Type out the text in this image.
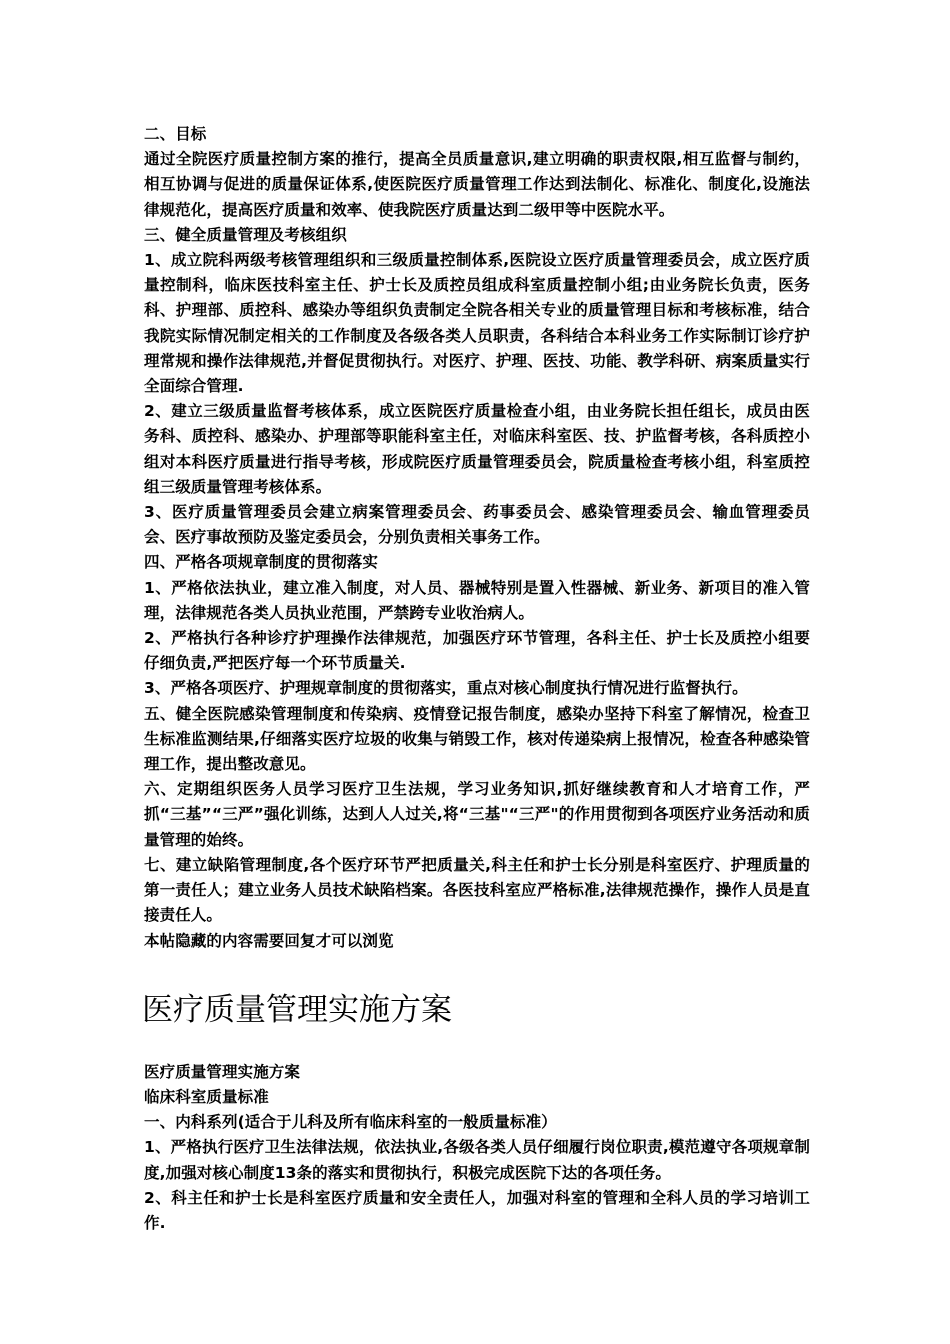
二、目标

通过全院医疗质量控制方案的推行，提高全员质量意识,建立明确的职责权限,相互监督与制约，相互协调与促进的质量保证体系,使医院医疗质量管理工作达到法制化、标准化、制度化,设施法律规范化，提高医疗质量和效率、使我院医疗质量达到二级甲等中医院水平。

三、健全质量管理及考核组织

1、成立院科两级考核管理组织和三级质量控制体系,医院设立医疗质量管理委员会，成立医疗质量控制科，临床医技科室主任、护士长及质控员组成科室质量控制小组;由业务院长负责，医务科、护理部、质控科、感染办等组织负责制定全院各相关专业的质量管理目标和考核标准，结合我院实际情况制定相关的工作制度及各级各类人员职责，各科结合本科业务工作实际制订诊疗护理常规和操作法律规范,并督促贯彻执行。对医疗、护理、医技、功能、教学科研、病案质量实行全面综合管理.

2、建立三级质量监督考核体系，成立医院医疗质量检查小组，由业务院长担任组长，成员由医务科、质控科、感染办、护理部等职能科室主任，对临床科室医、技、护监督考核，各科质控小组对本科医疗质量进行指导考核，形成院医疗质量管理委员会，院质量检查考核小组，科室质控组三级质量管理考核体系。

3、医疗质量管理委员会建立病案管理委员会、药事委员会、感染管理委员会、输血管理委员会、医疗事故预防及鉴定委员会，分别负责相关事务工作。

四、严格各项规章制度的贯彻落实

1、严格依法执业，建立准入制度，对人员、器械特别是置入性器械、新业务、新项目的准入管理，法律规范各类人员执业范围，严禁跨专业收治病人。

2、严格执行各种诊疗护理操作法律规范，加强医疗环节管理，各科主任、护士长及质控小组要仔细负责,严把医疗每一个环节质量关.

3、严格各项医疗、护理规章制度的贯彻落实，重点对核心制度执行情况进行监督执行。

五、健全医院感染管理制度和传染病、疫情登记报告制度，感染办坚持下科室了解情况，检查卫生标准监测结果,仔细落实医疗垃圾的收集与销毁工作，核对传递染病上报情况，检查各种感染管理工作，提出整改意见。

六、定期组织医务人员学习医疗卫生法规，学习业务知识,抓好继续教育和人才培育工作，严抓“三基”“三严”强化训练，达到人人过关,将“三基"“三严"的作用贯彻到各项医疗业务活动和质量管理的始终。

七、建立缺陷管理制度,各个医疗环节严把质量关,科主任和护士长分别是科室医疗、护理质量的第一责任人；建立业务人员技术缺陷档案。各医技科室应严格标准,法律规范操作，操作人员是直接责任人。

本帖隐藏的内容需要回复才可以浏览

医疗质量管理实施方案

医疗质量管理实施方案

临床科室质量标准

一、内科系列(适合于儿科及所有临床科室的一般质量标准）

1、严格执行医疗卫生法律法规，依法执业,各级各类人员仔细履行岗位职责,模范遵守各项规章制度,加强对核心制度13条的落实和贯彻执行，积极完成医院下达的各项任务。

2、科主任和护士长是科室医疗质量和安全责任人，加强对科室的管理和全科人员的学习培训工作.
